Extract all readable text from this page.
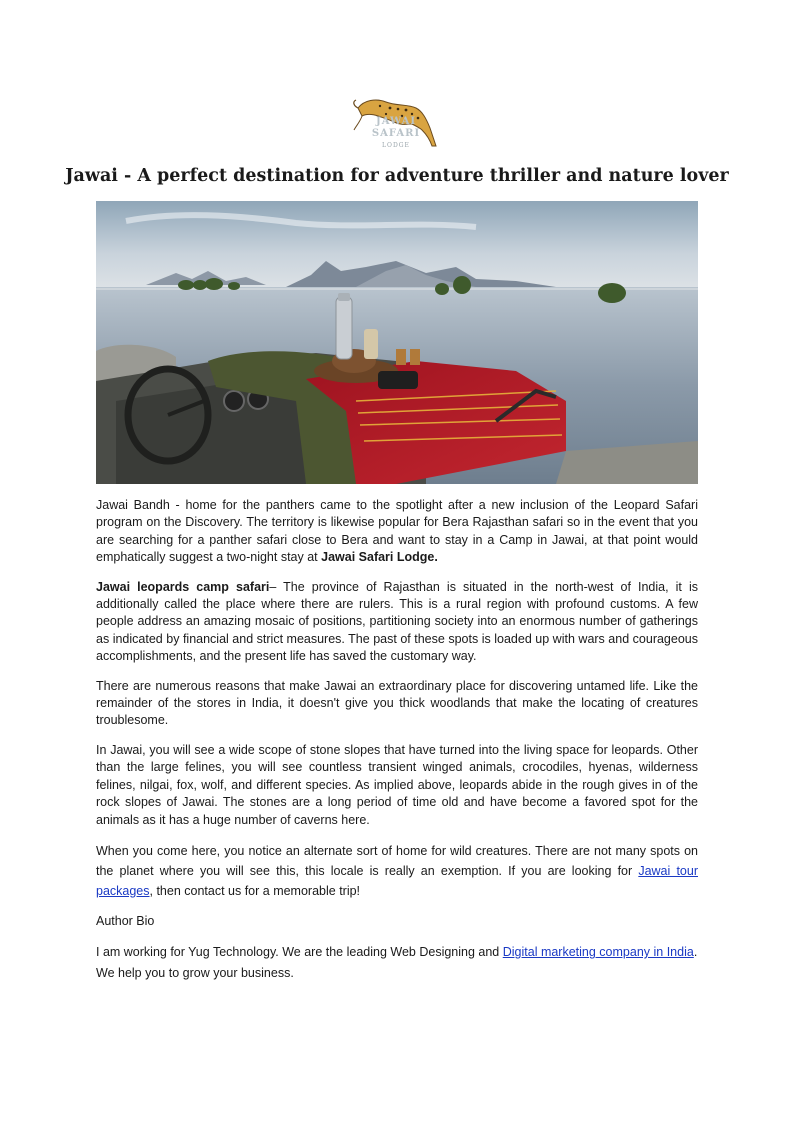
JAWAI
SAFARI
LODGE
Jawai - A perfect destination for adventure thriller and nature lover

Jawai Bandh - home for the panthers came to the spotlight after a new inclusion of the Leopard Safari program on the Discovery. The territory is likewise popular for Bera Rajasthan safari so in the event that you are searching for a panther safari close to Bera and want to stay in a Camp in Jawai, at that point would emphatically suggest a two-night stay at Jawai Safari Lodge.

Jawai leopards camp safari– The province of Rajasthan is situated in the north-west of India, it is additionally called the place where there are rulers. This is a rural region with profound customs. A few people address an amazing mosaic of positions, partitioning society into an enormous number of gatherings as indicated by financial and strict measures. The past of these spots is loaded up with wars and courageous accomplishments, and the present life has saved the customary way.

There are numerous reasons that make Jawai an extraordinary place for discovering untamed life. Like the remainder of the stores in India, it doesn't give you thick woodlands that make the locating of creatures troublesome.

In Jawai, you will see a wide scope of stone slopes that have turned into the living space for leopards. Other than the large felines, you will see countless transient winged animals, crocodiles, hyenas, wilderness felines, nilgai, fox, wolf, and different species. As implied above, leopards abide in the rough gives in of the rock slopes of Jawai. The stones are a long period of time old and have become a favored spot for the animals as it has a huge number of caverns here.

When you come here, you notice an alternate sort of home for wild creatures. There are not many spots on the planet where you will see this, this locale is really an exemption. If you are looking for Jawai tour packages, then contact us for a memorable trip!

Author Bio

I am working for Yug Technology. We are the leading Web Designing and Digital marketing company in India. We help you to grow your business.
